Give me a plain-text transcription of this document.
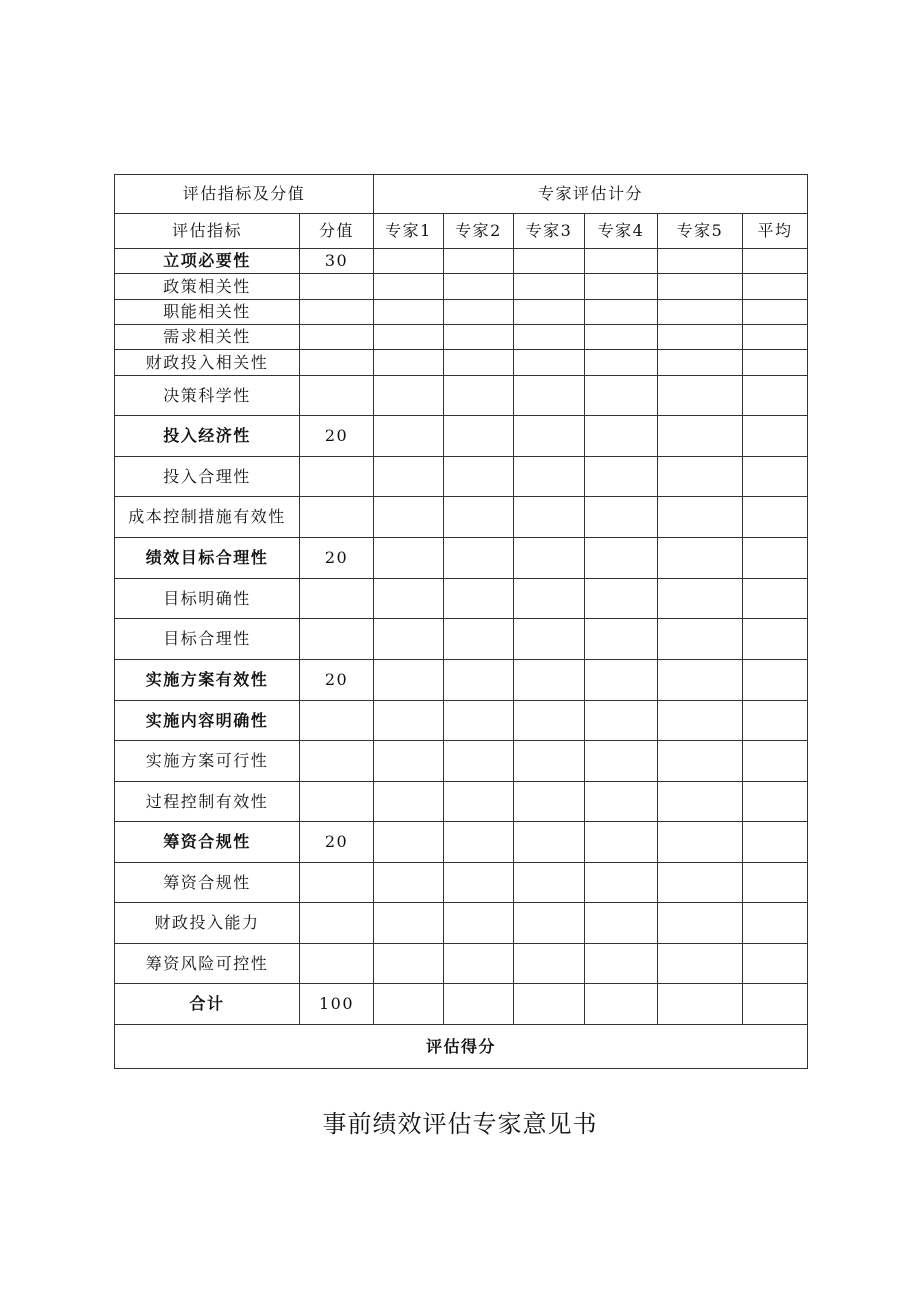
评估指标及分值		专家评估计分					
评估指标	分值	专家1	专家2	专家3	专家4	专家5	平均
立项必要性	30						
政策相关性							
职能相关性							
需求相关性							
财政投入相关性							
决策科学性							
投入经济性	20						
投入合理性							
成本控制措施有效性							
绩效目标合理性	20						
目标明确性							
目标合理性							
实施方案有效性	20						
实施内容明确性							
实施方案可行性							
过程控制有效性							
筹资合规性	20						
筹资合规性							
财政投入能力							
筹资风险可控性							
合计	100						
评估得分							
事前绩效评估专家意见书
